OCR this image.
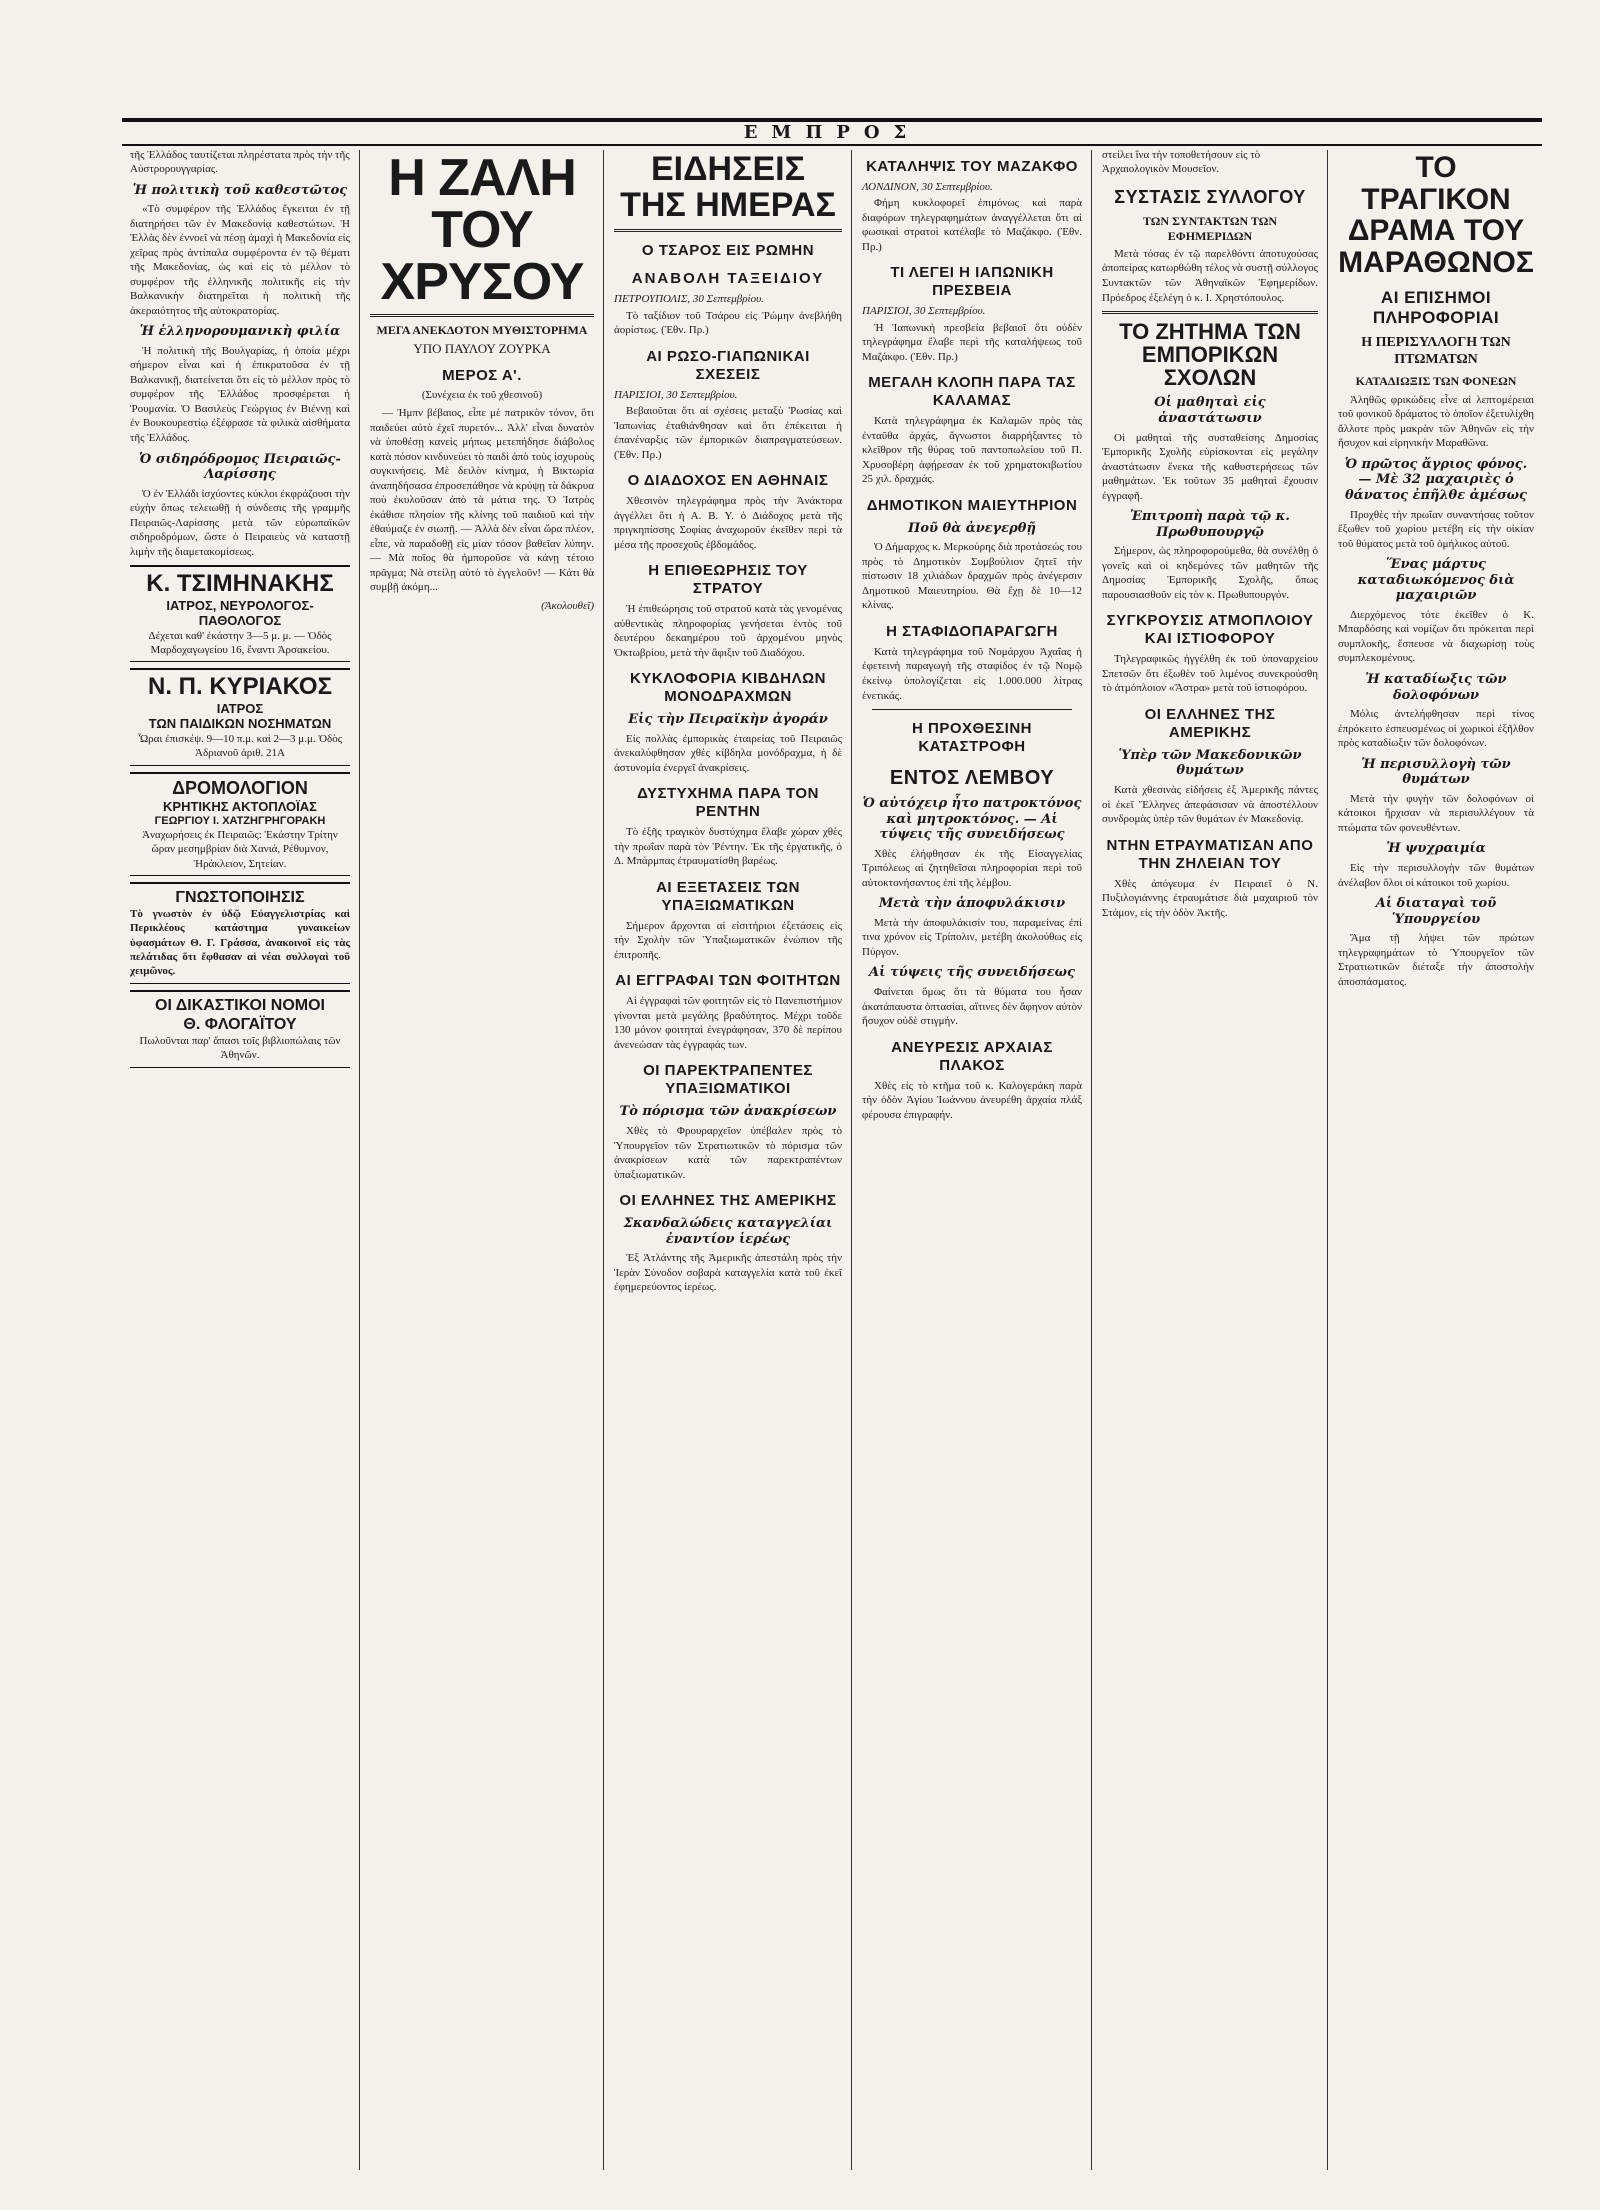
ΕΜΠΡΟΣ
τῆς Ἑλλάδος ταυτίζεται πληρέστατα πρὸς τὴν τῆς Αὐστρορουγγαρίας.
Ἡ πολιτικὴ τοῦ καθεστῶτος

«Τὸ συμφέρον τῆς Ἑλλάδος ἔγκειται ἐν τῇ διατηρήσει τῶν ἐν Μακεδονίᾳ καθεστώτων. Ἡ Ἑλλὰς δὲν ἐννοεῖ νὰ πέσῃ ἀμαχὶ ἡ Μακεδονία εἰς χεῖρας πρὸς ἀντίπαλα συμφέροντα ἐν τῷ θέματι τῆς Μακεδονίας, ὡς καὶ εἰς τὸ μέλλον τὸ συμφέρον τῆς ἑλληνικῆς πολιτικῆς εἰς τὴν Βαλκανικὴν διατηρεῖται ἡ πολιτικὴ τῆς ἀκεραιότητος τῆς αὐτοκρατορίας.

Ἡ ἑλληνορουμανικὴ φιλία

Ἡ πολιτικὴ τῆς Βουλγαρίας, ἡ ὁποία μέχρι σήμερον εἶναι καὶ ἡ ἐπικρατοῦσα ἐν τῇ Βαλκανικῇ, διατείνεται ὅτι εἰς τὸ μέλλον πρὸς τὸ συμφέρον τῆς Ἑλλάδος προσφέρεται ἡ Ῥουμανία. Ὁ Βασιλεὺς Γεώργιος ἐν Βιέννῃ καὶ ἐν Βουκουρεστίῳ ἐξέφρασε τὰ φιλικὰ αἰσθήματα τῆς Ἑλλάδος.

Ὁ σιδηρόδρομος Πειραιῶς-Λαρίσσης

Ὁ ἐν Ἑλλάδι ἰσχύοντες κύκλοι ἐκφράζουσι τὴν εὐχὴν ὅπως τελειωθῇ ἡ σύνδεσις τῆς γραμμῆς Πειραιῶς-Λαρίσσης μετὰ τῶν εὐρωπαϊκῶν σιδηροδρόμων, ὥστε ὁ Πειραιεὺς νὰ καταστῇ λιμὴν τῆς διαμετακομίσεως.

Κ. ΤΣΙΜΗΝΑΚΗΣ
ΙΑΤΡΟΣ, ΝΕΥΡΟΛΟΓΟΣ-ΠΑΘΟΛΟΓΟΣ
Δέχεται καθ' ἑκάστην 3—5 μ. μ. — Ὁδὸς Μαρδοχαγωγείου 16, ἔναντι Ἀρσακείου.
Ν. Π. ΚΥΡΙΑΚΟΣ
ΙΑΤΡΟΣ
ΤΩΝ ΠΑΙΔΙΚΩΝ ΝΟΣΗΜΑΤΩΝ
Ὧραι ἐπισκέψ. 9—10 π.μ. καὶ 2—3 μ.μ. Ὁδὸς Ἀδριανοῦ ἀριθ. 21Α
ΔΡΟΜΟΛΟΓΙΟΝ
ΚΡΗΤΙΚΗΣ ΑΚΤΟΠΛΟΪΑΣ
ΓΕΩΡΓΙΟΥ Ι. ΧΑΤΖΗΓΡΗΓΟΡΑΚΗ
Ἀναχωρήσεις ἐκ Πειραιῶς: Ἑκάστην Τρίτην ὥραν μεσημβρίαν διὰ Χανιά, Ρέθυμνον, Ἡράκλειον, Σητείαν.
ΓΝΩΣΤΟΠΟΙΗΣΙΣ
Τὸ γνωστὸν ἐν ὑδῷ Εὐαγγελιστρίας καὶ Περικλέους κατάστημα γυναικείων ὑφασμάτων Θ. Γ. Γράσσα, ἀνακοινοῖ εἰς τὰς πελάτιδας ὅτι ἔφθασαν αἱ νέαι συλλογαὶ τοῦ χειμῶνος.
ΟΙ ΔΙΚΑΣΤΙΚΟΙ ΝΟΜΟΙ
Θ. ΦΛΟΓΑΪΤΟΥ
Πωλοῦνται παρ' ἅπασι τοῖς βιβλιοπώλαις τῶν Ἀθηνῶν.
Η ΖΑΛΗ ΤΟΥ ΧΡΥΣΟΥ
ΜΕΓΑ ΑΝΕΚΔΟΤΟΝ ΜΥΘΙΣΤΟΡΗΜΑ
ΥΠΟ ΠΑΥΛΟΥ ΖΟΥΡΚΑ
ΜΕΡΟΣ Α'.
(Συνέχεια ἐκ τοῦ χθεσινοῦ)

— Ἡμπν βέβαιος, εἶπε μὲ πατρικὸν τόνον, ὅτι παιδεύει αὐτὸ ἐχεῖ πυρετόν... Ἀλλ' εἶναι δυνατὸν νὰ ὑποθέσῃ κανεὶς μήπως μετεπήδησε διάβολος κατὰ πόσον κινδυνεύει τὸ παιδὶ ἀπὸ τοὺς ἰσχυροὺς συγκινήσεις. Μὲ δειλὸν κίνημα, ἡ Βικτωρία ἀναπηδήσασα ἐπροσεπάθησε νὰ κρύψῃ τὰ δάκρυα ποὺ ἐκυλοῦσαν ἀπὸ τὰ μάτια της. Ὁ Ἰατρὸς ἐκάθισε πλησίον τῆς κλίνης τοῦ παιδιοῦ καὶ τὴν ἐθαύμαζε ἐν σιωπῇ. — Ἀλλὰ δὲν εἶναι ὥρα πλέον, εἶπε, νὰ παραδοθῇ εἰς μίαν τόσον βαθεῖαν λύπην. — Μὰ ποῖος θὰ ἠμποροῦσε νὰ κάνῃ τέτοιο πρᾶγμα; Νὰ στείλῃ αὐτὸ τὸ ἐγγελοῦν! — Κάτι θὰ συμβῇ ἀκόμη...

(Ἀκολουθεῖ)
ΕΙΔΗΣΕΙΣ ΤΗΣ ΗΜΕΡΑΣ
Ο ΤΣΑΡΟΣ ΕΙΣ ΡΩΜΗΝ
ΑΝΑΒΟΛΗ ΤΑΞΕΙΔΙΟΥ
ΠΕΤΡΟΥΠΟΛΙΣ, 30 Σεπτεμβρίου.

Τὸ ταξίδιον τοῦ Τσάρου εἰς Ῥώμην ἀνεβλήθη ἀορίστως. (Ἐθν. Πρ.)

ΑΙ ΡΩΣΟ-ΓΙΑΠΩΝΙΚΑΙ ΣΧΕΣΕΙΣ
ΠΑΡΙΣΙΟΙ, 30 Σεπτεμβρίου.

Βεβαιοῦται ὅτι αἱ σχέσεις μεταξὺ Ῥωσίας καὶ Ἰαπωνίας ἐταθιάνθησαν καὶ ὅτι ἐπέκειται ἡ ἐπανέναρξις τῶν ἐμπορικῶν διαπραγματεύσεων. (Ἐθν. Πρ.)

Ο ΔΙΑΔΟΧΟΣ ΕΝ ΑΘΗΝΑΙΣ

Χθεσινὸν τηλεγράφημα πρὸς τὴν Ἀνάκτορα ἀγγέλλει ὅτι ἡ Α. Β. Υ. ὁ Διάδοχος μετὰ τῆς πριγκηπίσσης Σοφίας ἀναχωροῦν ἐκεῖθεν περὶ τὰ μέσα τῆς προσεχοῦς ἑβδομάδος.

Η ΕΠΙΘΕΩΡΗΣΙΣ ΤΟΥ ΣΤΡΑΤΟΥ

Ἡ ἐπιθεώρησις τοῦ στρατοῦ κατὰ τὰς γενομένας αὐθεντικὰς πληροφορίας γενήσεται ἐντὸς τοῦ δευτέρου δεκαημέρου τοῦ ἀρχομένου μηνὸς Ὀκτωβρίου, μετὰ τὴν ἄφιξιν τοῦ Διαδόχου.

ΚΥΚΛΟΦΟΡΙΑ ΚΙΒΔΗΛΩΝ ΜΟΝΟΔΡΑΧΜΩΝ
Εἰς τὴν Πειραϊκὴν ἀγοράν

Εἰς πολλὰς ἐμπορικὰς ἐταιρείας τοῦ Πειραιῶς ἀνεκαλύφθησαν χθὲς κίβδηλα μονόδραχμα, ἡ δὲ ἀστυνομία ἐνεργεῖ ἀνακρίσεις.

ΔΥΣΤΥΧΗΜΑ ΠΑΡΑ ΤΟΝ ΡΕΝΤΗΝ

Τὸ ἐξῆς τραγικὸν δυστύχημα ἔλαβε χώραν χθὲς τὴν πρωΐαν παρὰ τὸν Ῥέντην. Ἐκ τῆς ἐργατικῆς, ὁ Δ. Μπάρμπας ἐτραυματίσθη βαρέως.

ΑΙ ΕΞΕΤΑΣΕΙΣ ΤΩΝ ΥΠΑΞΙΩΜΑΤΙΚΩΝ

Σήμερον ἄρχονται αἱ εἰσιτήριοι ἐξετάσεις εἰς τὴν Σχολὴν τῶν Ὑπαξιωματικῶν ἐνώπιον τῆς ἐπιτροπῆς.

ΑΙ ΕΓΓΡΑΦΑΙ ΤΩΝ ΦΟΙΤΗΤΩΝ

Αἱ ἐγγραφαὶ τῶν φοιτητῶν εἰς τὸ Πανεπιστήμιον γίνονται μετὰ μεγάλης βραδύτητος. Μέχρι τοῦδε 130 μόνον φοιτηταὶ ἐνεγράφησαν, 370 δὲ περίπου ἀνενεώσαν τὰς ἐγγραφάς των.

ΟΙ ΠΑΡΕΚΤΡΑΠΕΝΤΕΣ ΥΠΑΞΙΩΜΑΤΙΚΟΙ
Τὸ πόρισμα τῶν ἀνακρίσεων

Χθὲς τὸ Φρουραρχεῖον ὑπέβαλεν πρὸς τὸ Ὑπουργεῖον τῶν Στρατιωτικῶν τὸ πόρισμα τῶν ἀνακρίσεων κατὰ τῶν παρεκτραπέντων ὑπαξιωματικῶν.

ΟΙ ΕΛΛΗΝΕΣ ΤΗΣ ΑΜΕΡΙΚΗΣ
Σκανδαλώδεις καταγγελίαι ἐναντίον ἱερέως

Ἐξ Ἀτλάντης τῆς Ἀμερικῆς ἀπεστάλη πρὸς τὴν Ἱερὰν Σύνοδον σοβαρὰ καταγγελία κατὰ τοῦ ἐκεῖ ἐφημερεύοντος ἱερέως.

ΚΑΤΑΛΗΨΙΣ ΤΟΥ ΜΑΖΑΚΦΟ
ΛΟΝΔΙΝΟΝ, 30 Σεπτεμβρίου.

Φήμη κυκλοφορεῖ ἐπιμόνως καὶ παρὰ διαφόρων τηλεγραφημάτων ἀναγγέλλεται ὅτι αἱ φωσικαὶ στρατοὶ κατέλαβε τὸ Μαζάκφο. (Ἐθν. Πρ.)

ΤΙ ΛΕΓΕΙ Η ΙΑΠΩΝΙΚΗ ΠΡΕΣΒΕΙΑ
ΠΑΡΙΣΙΟΙ, 30 Σεπτεμβρίου.

Ἡ Ἰαπωνικὴ πρεσβεία βεβαιοῖ ὅτι οὐδὲν τηλεγράφημα ἔλαβε περὶ τῆς καταλήψεως τοῦ Μαζάκφο. (Ἐθν. Πρ.)

ΜΕΓΑΛΗ ΚΛΟΠΗ ΠΑΡΑ ΤΑΣ ΚΑΛΑΜΑΣ

Κατὰ τηλεγράφημα ἐκ Καλαμῶν πρὸς τὰς ἐνταῦθα ἀρχάς, ἄγνωστοι διαρρήξαντες τὸ κλεῖθρον τῆς θύρας τοῦ παντοπωλείου τοῦ Π. Χρυσοβέρη ἀφῄρεσαν ἐκ τοῦ χρηματοκιβωτίου 25 χιλ. δραχμάς.

ΔΗΜΟΤΙΚΟΝ ΜΑΙΕΥΤΗΡΙΟΝ
Ποῦ θὰ ἀνεγερθῇ

Ὁ Δήμαρχος κ. Μερκούρης διὰ προτάσεώς του πρὸς τὸ Δημοτικὸν Συμβούλιον ζητεῖ τὴν πίστωσιν 18 χιλιάδων δραχμῶν πρὸς ἀνέγερσιν Δημοτικοῦ Μαιευτηρίου. Θὰ ἔχῃ δὲ 10—12 κλίνας.

Η ΣΤΑΦΙΔΟΠΑΡΑΓΩΓΗ

Κατὰ τηλεγράφημα τοῦ Νομάρχου Ἀχαΐας ἡ ἐφετεινὴ παραγωγὴ τῆς σταφίδος ἐν τῷ Νομῷ ἐκείνῳ ὑπολογίζεται εἰς 1.000.000 λίτρας ἑνετικάς.

Η ΠΡΟΧΘΕΣΙΝΗ ΚΑΤΑΣΤΡΟΦΗ
ΕΝΤΟΣ ΛΕΜΒΟΥ
Ὁ αὐτόχειρ ἦτο πατροκτόνος καὶ μητροκτόνος. — Αἱ τύψεις τῆς συνειδήσεως

Χθὲς ἐλήφθησαν ἐκ τῆς Εἰσαγγελίας Τριπόλεως αἱ ζητηθεῖσαι πληροφορίαι περὶ τοῦ αὐτοκτονήσαντος ἐπὶ τῆς λέμβου.

Μετὰ τὴν ἀποφυλάκισιν

Μετὰ τὴν ἀποφυλάκισίν του, παραμείνας ἐπί τινα χρόνον εἰς Τρίπολιν, μετέβη ἀκολούθως εἰς Πύργον.

Αἱ τύψεις τῆς συνειδήσεως

Φαίνεται ὅμως ὅτι τὰ θύματα του ἦσαν ἀκατάπαυστα ὀπτασίαι, αἵτινες δὲν ἄφηνον αὐτὸν ἥσυχον οὐδὲ στιγμήν.

ΑΝΕΥΡΕΣΙΣ ΑΡΧΑΙΑΣ ΠΛΑΚΟΣ

Χθὲς εἰς τὸ κτῆμα τοῦ κ. Καλογεράκη παρὰ τὴν ὁδὸν Ἁγίου Ἰωάννου ἀνευρέθη ἀρχαία πλάξ φέρουσα ἐπιγραφήν.

στείλει ἵνα τὴν τοποθετήσουν εἰς τὸ Ἀρχαιολογικὸν Μουσεῖον.
ΣΥΣΤΑΣΙΣ ΣΥΛΛΟΓΟΥ
ΤΩΝ ΣΥΝΤΑΚΤΩΝ ΤΩΝ ΕΦΗΜΕΡΙΔΩΝ

Μετὰ τόσας ἐν τῷ παρελθόντι ἀποτυχούσας ἀποπείρας κατωρθώθη τέλος νὰ συστῇ σύλλογος Συντακτῶν τῶν Ἀθηναϊκῶν Ἐφημερίδων. Πρόεδρος ἐξελέγη ὁ κ. Ι. Χρηστόπουλος.

ΤΟ ΖΗΤΗΜΑ ΤΩΝ ΕΜΠΟΡΙΚΩΝ ΣΧΟΛΩΝ
Οἱ μαθηταὶ εἰς ἀναστάτωσιν

Οἱ μαθηταὶ τῆς συσταθείσης Δημοσίας Ἐμπορικῆς Σχολῆς εὑρίσκονται εἰς μεγάλην ἀναστάτωσιν ἕνεκα τῆς καθυστερήσεως τῶν μαθημάτων. Ἐκ τοῦτων 35 μαθηταὶ ἔχουσιν ἐγγραφῆ.

Ἐπιτροπὴ παρὰ τῷ κ. Πρωθυπουργῷ

Σήμερον, ὡς πληροφορούμεθα, θὰ συνέλθῃ ὁ γονεῖς καὶ οἱ κηδεμόνες τῶν μαθητῶν τῆς Δημοσίας Ἐμπορικῆς Σχολῆς, ὅπως παρουσιασθοῦν εἰς τὸν κ. Πρωθυπουργόν.

ΣΥΓΚΡΟΥΣΙΣ ΑΤΜΟΠΛΟΙΟΥ ΚΑΙ ΙΣΤΙΟΦΟΡΟΥ

Τηλεγραφικῶς ἠγγέλθη ἐκ τοῦ ὑποναρχείου Σπετσῶν ὅτι ἐξωθὲν τοῦ λιμένος συνεκρούσθη τὸ ἀτμόπλοιον «Ἄστρα» μετὰ τοῦ ἱστιοφόρου.

ΟΙ ΕΛΛΗΝΕΣ ΤΗΣ ΑΜΕΡΙΚΗΣ
Ὑπὲρ τῶν Μακεδονικῶν θυμάτων

Κατὰ χθεσινὰς εἰδήσεις ἐξ Ἀμερικῆς πάντες οἱ ἐκεῖ Ἕλληνες ἀπεφάσισαν νὰ ἀποστέλλουν συνδρομὰς ὑπὲρ τῶν θυμάτων ἐν Μακεδονίᾳ.

ΝΤΗΝ ΕΤΡΑΥΜΑΤΙΣΑΝ ΑΠΟ ΤΗΝ ΖΗΛΕΙΑΝ ΤΟΥ

Χθὲς ἀπόγευμα ἐν Πειραιεῖ ὁ Ν. Πυξιλογιάννης ἐτραυμάτισε διὰ μαχαιριοῦ τὸν Στάμον, εἰς τὴν ὁδὸν Ἀκτῆς.

ΤΟ ΤΡΑΓΙΚΟΝ ΔΡΑΜΑ ΤΟΥ ΜΑΡΑΘΩΝΟΣ
ΑΙ ΕΠΙΣΗΜΟΙ ΠΛΗΡΟΦΟΡΙΑΙ
Η ΠΕΡΙΣΥΛΛΟΓΗ ΤΩΝ ΠΤΩΜΑΤΩΝ
ΚΑΤΑΔΙΩΞΙΣ ΤΩΝ ΦΟΝΕΩΝ

Ἀληθῶς φρικώδεις εἶνε αἱ λεπτομέρειαι τοῦ φονικοῦ δράματος τὸ ὁποῖον ἐξετυλίχθη ἄλλοτε πρὸς μακρὰν τῶν Ἀθηνῶν εἰς τὴν ἥσυχον καὶ εἰρηνικὴν Μαραθῶνα.

Ὁ πρῶτος ἄγριος φόνος. — Μὲ 32 μαχαιριὲς ὁ θάνατος ἐπῆλθε ἀμέσως

Προχθὲς τὴν πρωΐαν συναντήσας τοῦτον ἔξωθεν τοῦ χωρίου μετέβη εἰς τὴν οἰκίαν τοῦ θύματος μετὰ τοῦ ὁμήλικος αὐτοῦ.

Ἕνας μάρτυς καταδιωκόμενος διὰ μαχαιριῶν

Διερχόμενος τότε ἐκεῖθεν ὁ Κ. Μπαρδόσης καὶ νομίζων ὅτι πρόκειται περὶ συμπλοκῆς, ἔσπευσε νὰ διαχωρίσῃ τοὺς συμπλεκομένους.

Ἡ καταδίωξις τῶν δολοφόνων

Μόλις ἀντελήφθησαν περὶ τίνος ἐπρόκειτο ἐσπευσμένως οἱ χωρικοὶ ἐξῆλθον πρὸς καταδίωξιν τῶν δολοφόνων.

Ἡ περισυλλογὴ τῶν θυμάτων

Μετὰ τὴν φυγὴν τῶν δολοφόνων οἱ κάτοικοι ἤρχισαν νὰ περισυλλέγουν τὰ πτώματα τῶν φονευθέντων.

Ἡ ψυχραιμία

Εἰς τὴν περισυλλογὴν τῶν θυμάτων ἀνέλαβον ὅλοι οἱ κάτοικοι τοῦ χωρίου.

Αἱ διαταγαὶ τοῦ Ὑπουργείου

Ἅμα τῇ λήψει τῶν πρώτων τηλεγραφημάτων τὸ Ὑπουργεῖον τῶν Στρατιωτικῶν διέταξε τὴν ἀποστολὴν ἀποσπάσματος.
